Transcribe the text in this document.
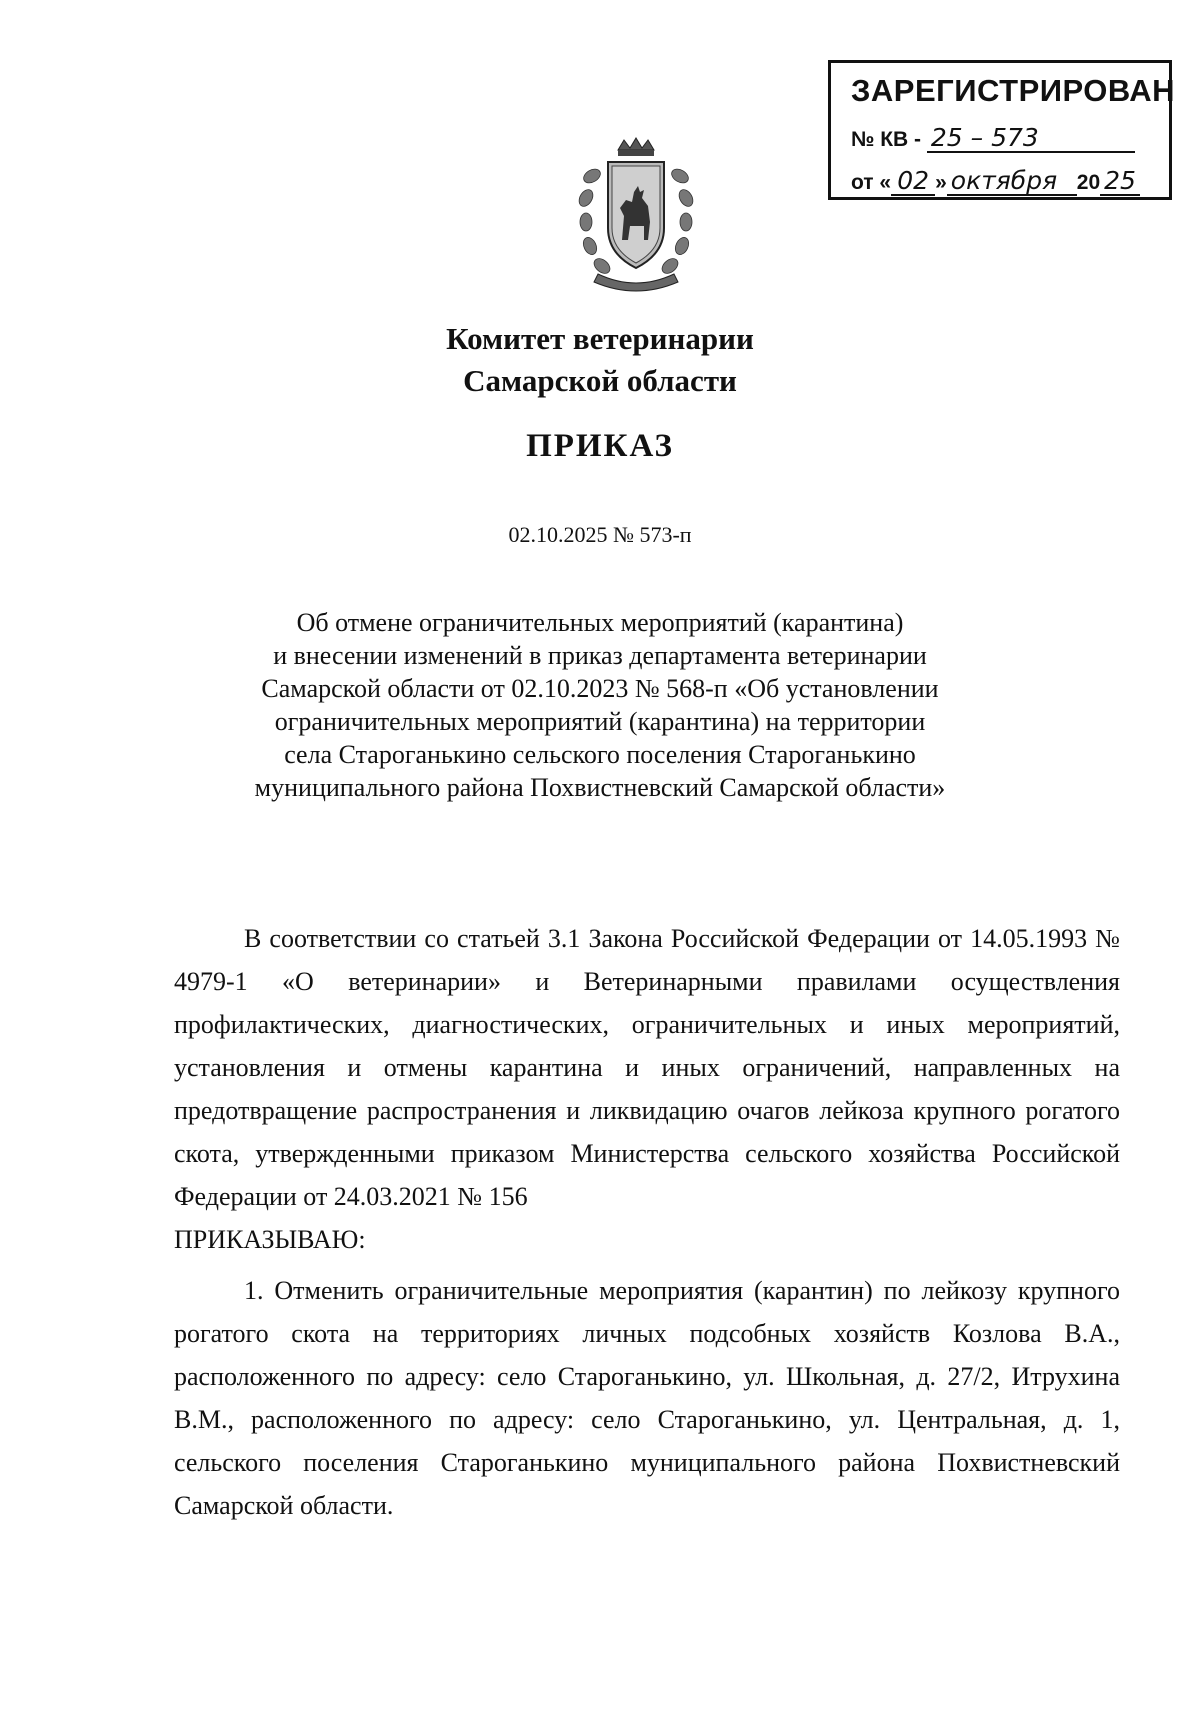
ЗАРЕГИСТРИРОВАН
№ КВ - 25 – 573
от « 02 » октября 20 25
Комитет ветеринарии
Самарской области
ПРИКАЗ
02.10.2025 № 573-п
Об отмене ограничительных мероприятий (карантина)
и внесении изменений в приказ департамента ветеринарии
Самарской области от 02.10.2023 № 568-п «Об установлении
ограничительных мероприятий (карантина) на территории
села Староганькино сельского поселения Староганькино
муниципального района Похвистневский Самарской области»

В соответствии со статьей 3.1 Закона Российской Федерации от 14.05.1993 № 4979-1 «О ветеринарии» и Ветеринарными правилами осуществления профилактических, диагностических, ограничительных и иных мероприятий, установления и отмены карантина и иных ограничений, направленных на предотвращение распространения и ликвидацию очагов лейкоза крупного рогатого скота, утвержденными приказом Министерства сельского хозяйства Российской Федерации от 24.03.2021 № 156

ПРИКАЗЫВАЮ:

1. Отменить ограничительные мероприятия (карантин) по лейкозу крупного рогатого скота на территориях личных подсобных хозяйств Козлова В.А., расположенного по адресу: село Староганькино, ул. Школьная, д. 27/2, Итрухина В.М., расположенного по адресу: село Староганькино, ул. Центральная, д. 1, сельского поселения Староганькино муниципального района Похвистневский Самарской области.
